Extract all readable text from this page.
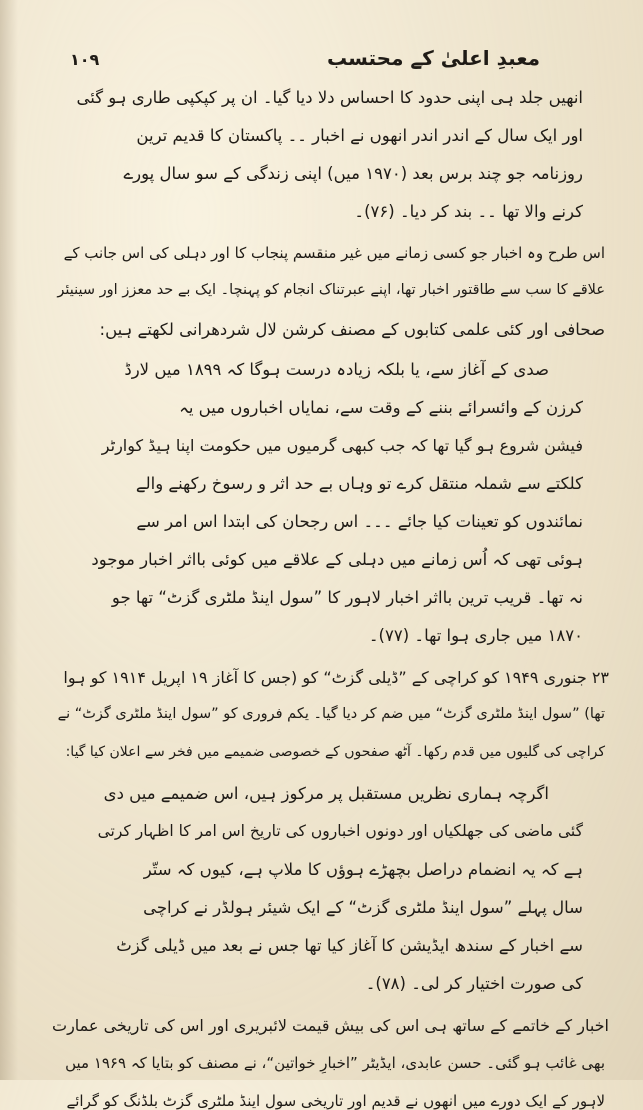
۱۰۹	معبدِ اعلیٰ کے محتسب
انھیں جلد ہی اپنی حدود کا احساس دلا دیا گیا۔ ان پر کپکپی طاری ہو گئی
اور ایک سال کے اندر اندر انھوں نے اخبار ۔۔ پاکستان کا قدیم ترین
روزنامہ جو چند برس بعد (۱۹۷۰ میں) اپنی زندگی کے سو سال پورے
کرنے والا تھا ۔۔ بند کر دیا۔ (۷۶)۔
اس طرح وہ اخبار جو کسی زمانے میں غیر منقسم پنجاب کا اور دہلی کی اس جانب کے
علاقے کا سب سے طاقتور اخبار تھا، اپنے عبرتناک انجام کو پہنچا۔ ایک بے حد معزز اور سینیئر
صحافی اور کئی علمی کتابوں کے مصنف کرشن لال شردھرانی لکھتے ہیں:
صدی کے آغاز سے، یا بلکہ زیادہ درست ہوگا کہ ۱۸۹۹ میں لارڈ
کرزن کے وائسرائے بننے کے وقت سے، نمایاں اخباروں میں یہ
فیشن شروع ہو گیا تھا کہ جب کبھی گرمیوں میں حکومت اپنا ہیڈ کوارٹر
کلکتے سے شملہ منتقل کرے تو وہاں بے حد اثر و رسوخ رکھنے والے
نمائندوں کو تعینات کیا جائے ۔۔۔ اس رجحان کی ابتدا اس امر سے
ہوئی تھی کہ اُس زمانے میں دہلی کے علاقے میں کوئی بااثر اخبار موجود
نہ تھا۔ قریب ترین بااثر اخبار لاہور کا ”سول اینڈ ملٹری گزٹ“ تھا جو
۱۸۷۰ میں جاری ہوا تھا۔ (۷۷)۔
۲۳ جنوری ۱۹۴۹ کو کراچی کے ”ڈیلی گزٹ“ کو (جس کا آغاز ۱۹ اپریل ۱۹۱۴ کو ہوا
تھا) ”سول اینڈ ملٹری گزٹ“ میں ضم کر دیا گیا۔ یکم فروری کو ”سول اینڈ ملٹری گزٹ“ نے
کراچی کی گلیوں میں قدم رکھا۔ آٹھ صفحوں کے خصوصی ضمیمے میں فخر سے اعلان کیا گیا:
اگرچہ ہماری نظریں مستقبل پر مرکوز ہیں، اس ضمیمے میں دی
گئی ماضی کی جھلکیاں اور دونوں اخباروں کی تاریخ اس امر کا اظہار کرتی
ہے کہ یہ انضمام دراصل بچھڑے ہوؤں کا ملاپ ہے، کیوں کہ ستّر
سال پہلے ”سول اینڈ ملٹری گزٹ“ کے ایک شیئر ہولڈر نے کراچی
سے اخبار کے سندھ ایڈیشن کا آغاز کیا تھا جس نے بعد میں ڈیلی گزٹ
کی صورت اختیار کر لی۔ (۷۸)۔
اخبار کے خاتمے کے ساتھ ہی اس کی بیش قیمت لائبریری اور اس کی تاریخی عمارت
بھی غائب ہو گئی۔ حسن عابدی، ایڈیٹر ”اخبارِ خواتین“، نے مصنف کو بتایا کہ ۱۹۶۹ میں
لاہور کے ایک دورے میں انھوں نے قدیم اور تاریخی سول اینڈ ملٹری گزٹ بلڈنگ کو گرائے
